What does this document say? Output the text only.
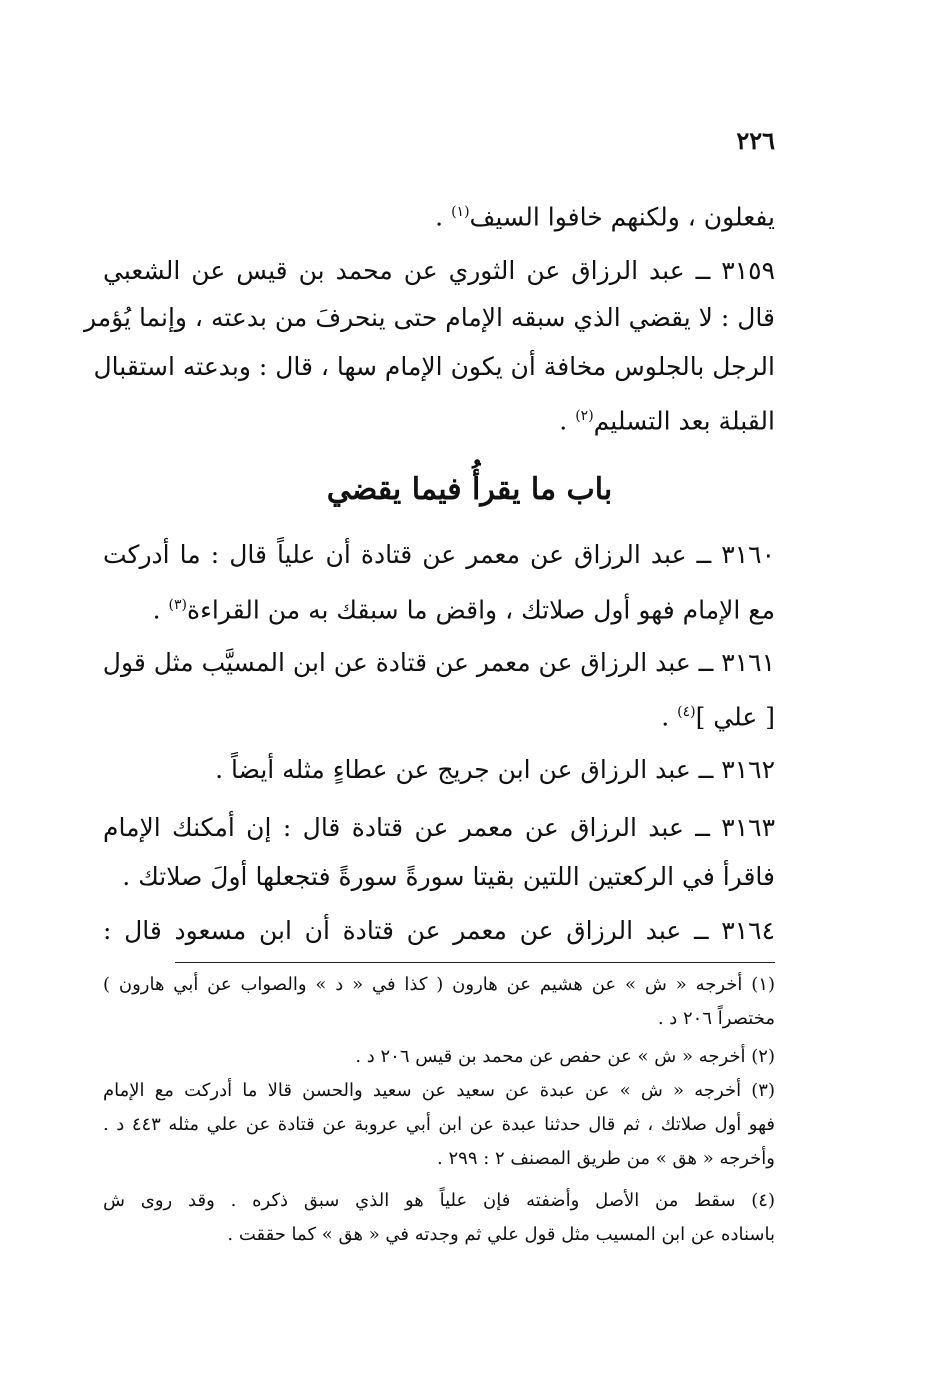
٢٢٦
يفعلون ، ولكنهم خافوا السيف$^{(١)}$ .
٣١٥٩ ــ عبد الرزاق عن الثوري عن محمد بن قيس عن الشعبي
قال : لا يقضي الذي سبقه الإمام حتى ينحرفَ من بدعته ، وإنما يُؤمر
الرجل بالجلوس مخافة أن يكون الإمام سها ، قال : وبدعته استقبال
القبلة بعد التسليم$^{(٢)}$ .
باب ما يقرأُ فيما يقضي
٣١٦٠ ــ عبد الرزاق عن معمر عن قتادة أن علياً قال : ما أدركت
مع الإمام فهو أول صلاتك ، واقض ما سبقك به من القراءة$^{(٣)}$ .
٣١٦١ ــ عبد الرزاق عن معمر عن قتادة عن ابن المسيَّب مثل قول
[ علي ]$^{(٤)}$ .
٣١٦٢ ــ عبد الرزاق عن ابن جريج عن عطاءٍ مثله أيضاً .
٣١٦٣ ــ عبد الرزاق عن معمر عن قتادة قال : إن أمكنك الإمام
فاقرأ في الركعتين اللتين بقيتا سورةً سورةً فتجعلها أولَ صلاتك .
٣١٦٤ ــ عبد الرزاق عن معمر عن قتادة أن ابن مسعود قال :
(١) أخرجه « ش » عن هشيم عن هارون ( كذا في « د » والصواب عن أبي هارون )
مختصراً ٢٠٦ د .
(٢) أخرجه « ش » عن حفص عن محمد بن قيس ٢٠٦ د .
(٣) أخرجه « ش » عن عبدة عن سعيد عن سعيد والحسن قالا ما أدركت مع الإمام
فهو أول صلاتك ، ثم قال حدثنا عبدة عن ابن أبي عروبة عن قتادة عن علي مثله ٤٤٣ د .
وأخرجه « هق » من طريق المصنف ٢ : ٢٩٩ .
(٤) سقط من الأصل وأضفته فإن علياً هو الذي سبق ذكره . وقد روى ش
باسناده عن ابن المسيب مثل قول علي ثم وجدته في « هق » كما حققت .
